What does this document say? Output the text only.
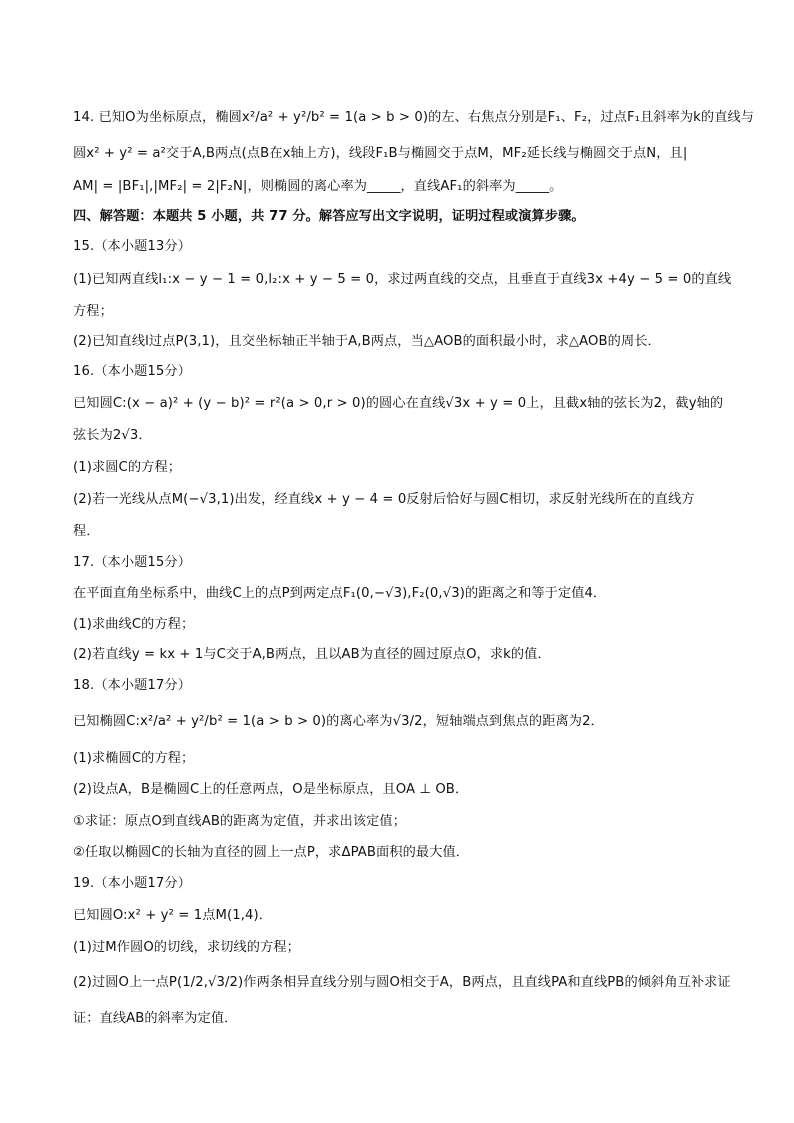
14. 已知O为坐标原点，椭圆x²/a² + y²/b² = 1(a > b > 0)的左、右焦点分别是F₁、F₂，过点F₁且斜率为k的直线与
圆x² + y² = a²交于A,B两点(点B在x轴上方)，线段F₁B与椭圆交于点M，MF₂延长线与椭圆交于点N，且|
AM| = |BF₁|,|MF₂| = 2|F₂N|，则椭圆的离心率为_____，直线AF₁的斜率为_____。
四、解答题：本题共 5 小题，共 77 分。解答应写出文字说明，证明过程或演算步骤。
15.（本小题13分）
(1)已知两直线l₁:x − y − 1 = 0,l₂:x + y − 5 = 0，求过两直线的交点，且垂直于直线3x +4y − 5 = 0的直线
方程；
(2)已知直线l过点P(3,1)，且交坐标轴正半轴于A,B两点，当△AOB的面积最小时，求△AOB的周长．
16.（本小题15分）
已知圆C:(x − a)² + (y − b)² = r²(a > 0,r > 0)的圆心在直线√3x + y = 0上，且截x轴的弦长为2，截y轴的
弦长为2√3．
(1)求圆C的方程；
(2)若一光线从点M(−√3,1)出发，经直线x + y − 4 = 0反射后恰好与圆C相切，求反射光线所在的直线方
程．
17.（本小题15分）
在平面直角坐标系中，曲线C上的点P到两定点F₁(0,−√3),F₂(0,√3)的距离之和等于定值4．
(1)求曲线C的方程；
(2)若直线y = kx + 1与C交于A,B两点，且以AB为直径的圆过原点O，求k的值．
18.（本小题17分）
已知椭圆C:x²/a² + y²/b² = 1(a > b > 0)的离心率为√3/2，短轴端点到焦点的距离为2．
(1)求椭圆C的方程；
(2)设点A，B是椭圆C上的任意两点，O是坐标原点，且OA ⊥ OB．
①求证：原点O到直线AB的距离为定值，并求出该定值；
②任取以椭圆C的长轴为直径的圆上一点P，求ΔPAB面积的最大值．
19.（本小题17分）
已知圆O:x² + y² = 1点M(1,4)．
(1)过M作圆O的切线，求切线的方程；
(2)过圆O上一点P(1/2,√3/2)作两条相异直线分别与圆O相交于A，B两点，且直线PA和直线PB的倾斜角互补求证
证：直线AB的斜率为定值．
